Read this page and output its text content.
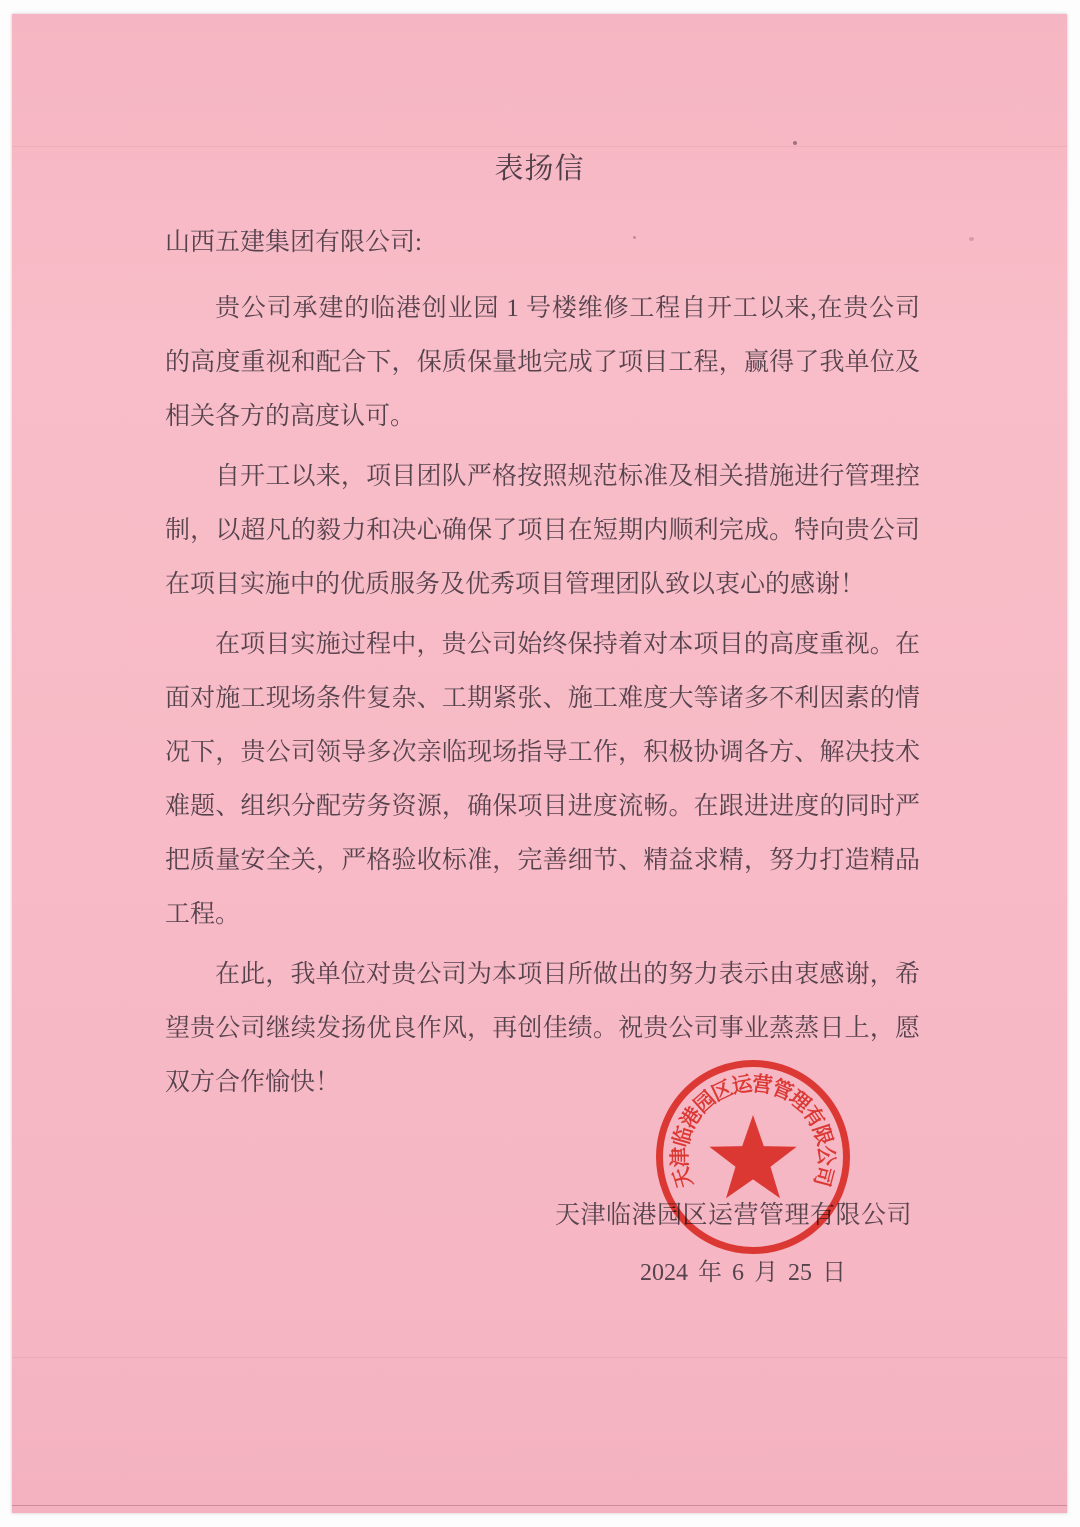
表扬信

山西五建集团有限公司:

贵公司承建的临港创业园 1 号楼维修工程自开工以来,在贵公司的高度重视和配合下，保质保量地完成了项目工程，赢得了我单位及相关各方的高度认可。

自开工以来，项目团队严格按照规范标准及相关措施进行管理控制，以超凡的毅力和决心确保了项目在短期内顺利完成。特向贵公司在项目实施中的优质服务及优秀项目管理团队致以衷心的感谢！

在项目实施过程中，贵公司始终保持着对本项目的高度重视。在面对施工现场条件复杂、工期紧张、施工难度大等诸多不利因素的情况下，贵公司领导多次亲临现场指导工作，积极协调各方、解决技术难题、组织分配劳务资源，确保项目进度流畅。在跟进进度的同时严把质量安全关，严格验收标准，完善细节、精益求精，努力打造精品工程。

在此，我单位对贵公司为本项目所做出的努力表示由衷感谢，希望贵公司继续发扬优良作风，再创佳绩。祝贵公司事业蒸蒸日上，愿双方合作愉快！

天津临港园区运营管理有限公司
2024 年 6 月 25 日
天津临港园区运营管理有限公司
